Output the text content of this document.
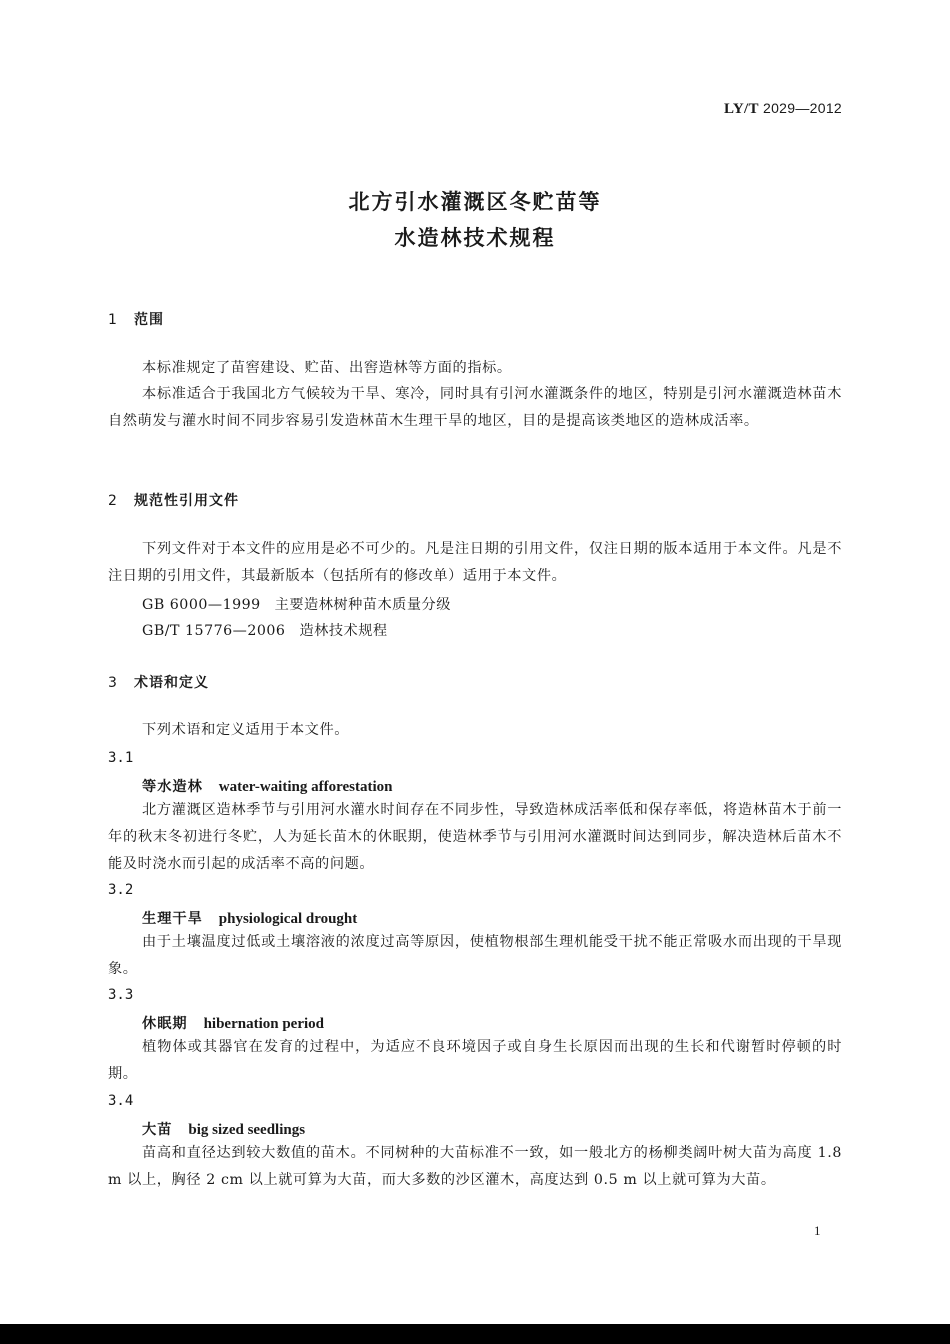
LY/T 2029—2012
北方引水灌溉区冬贮苗等
水造林技术规程
1 范围
本标准规定了苗窖建设、贮苗、出窖造林等方面的指标。
本标准适合于我国北方气候较为干旱、寒冷，同时具有引河水灌溉条件的地区，特别是引河水灌溉造林苗木自然萌发与灌水时间不同步容易引发造林苗木生理干旱的地区，目的是提高该类地区的造林成活率。
2 规范性引用文件
下列文件对于本文件的应用是必不可少的。凡是注日期的引用文件，仅注日期的版本适用于本文件。凡是不注日期的引用文件，其最新版本（包括所有的修改单）适用于本文件。
GB 6000—1999 主要造林树种苗木质量分级
GB/T 15776—2006 造林技术规程
3 术语和定义
下列术语和定义适用于本文件。
3.1
等水造林 water-waiting afforestation
北方灌溉区造林季节与引用河水灌水时间存在不同步性，导致造林成活率低和保存率低，将造林苗木于前一年的秋末冬初进行冬贮，人为延长苗木的休眠期，使造林季节与引用河水灌溉时间达到同步，解决造林后苗木不能及时浇水而引起的成活率不高的问题。
3.2
生理干旱 physiological drought
由于土壤温度过低或土壤溶液的浓度过高等原因，使植物根部生理机能受干扰不能正常吸水而出现的干旱现象。
3.3
休眠期 hibernation period
植物体或其器官在发育的过程中，为适应不良环境因子或自身生长原因而出现的生长和代谢暂时停顿的时期。
3.4
大苗 big sized seedlings
苗高和直径达到较大数值的苗木。不同树种的大苗标准不一致，如一般北方的杨柳类阔叶树大苗为高度 1.8 m 以上，胸径 2 cm 以上就可算为大苗，而大多数的沙区灌木，高度达到 0.5 m 以上就可算为大苗。
1
